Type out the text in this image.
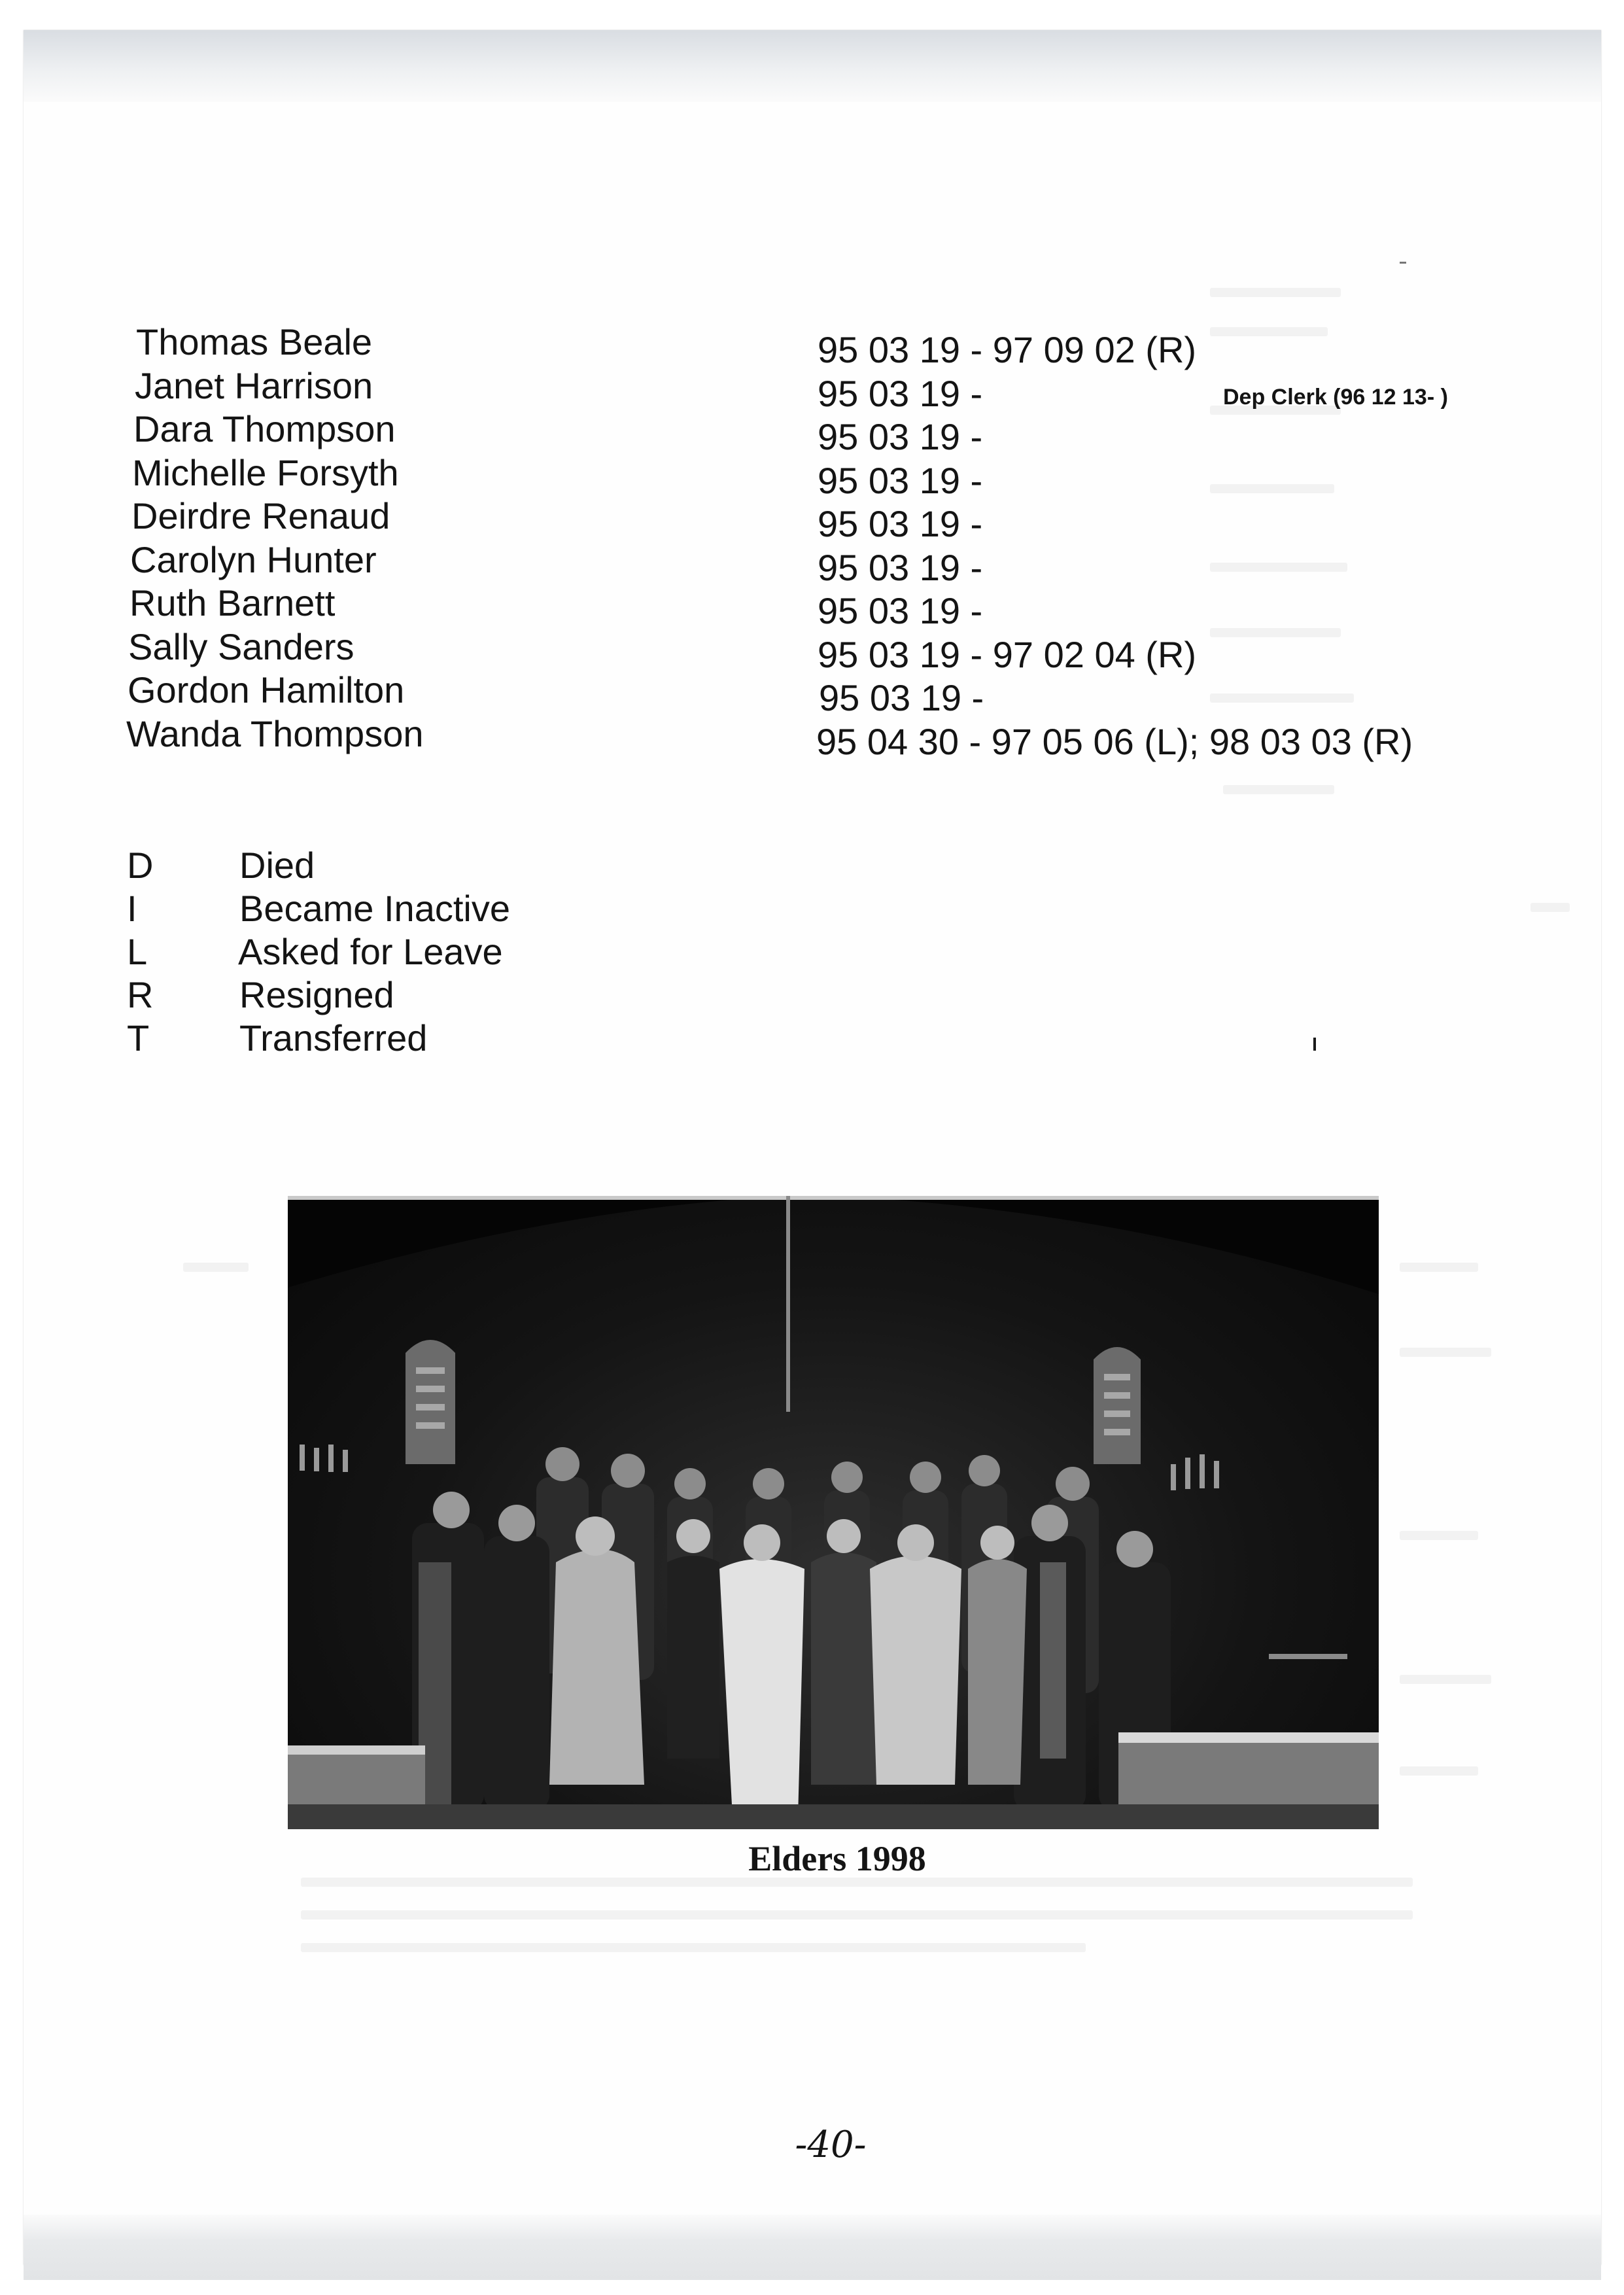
Thomas Beale	95 03 19 - 97 09 02 (R)
Janet Harrison	95 03 19 -	Dep Clerk (96 12 13- )
Dara Thompson	95 03 19 -
Michelle Forsyth	95 03 19 -
Deirdre Renaud	95 03 19 -
Carolyn Hunter	95 03 19 -
Ruth Barnett	95 03 19 -
Sally Sanders	95 03 19 - 97 02 04 (R)
Gordon Hamilton	95 03 19 -
Wanda Thompson	95 04 30 - 97 05 06 (L); 98 03 03 (R)
D Died
I	Became Inactive
L Asked for Leave
R Resigned
T Transferred
Elders 1998
-40-
